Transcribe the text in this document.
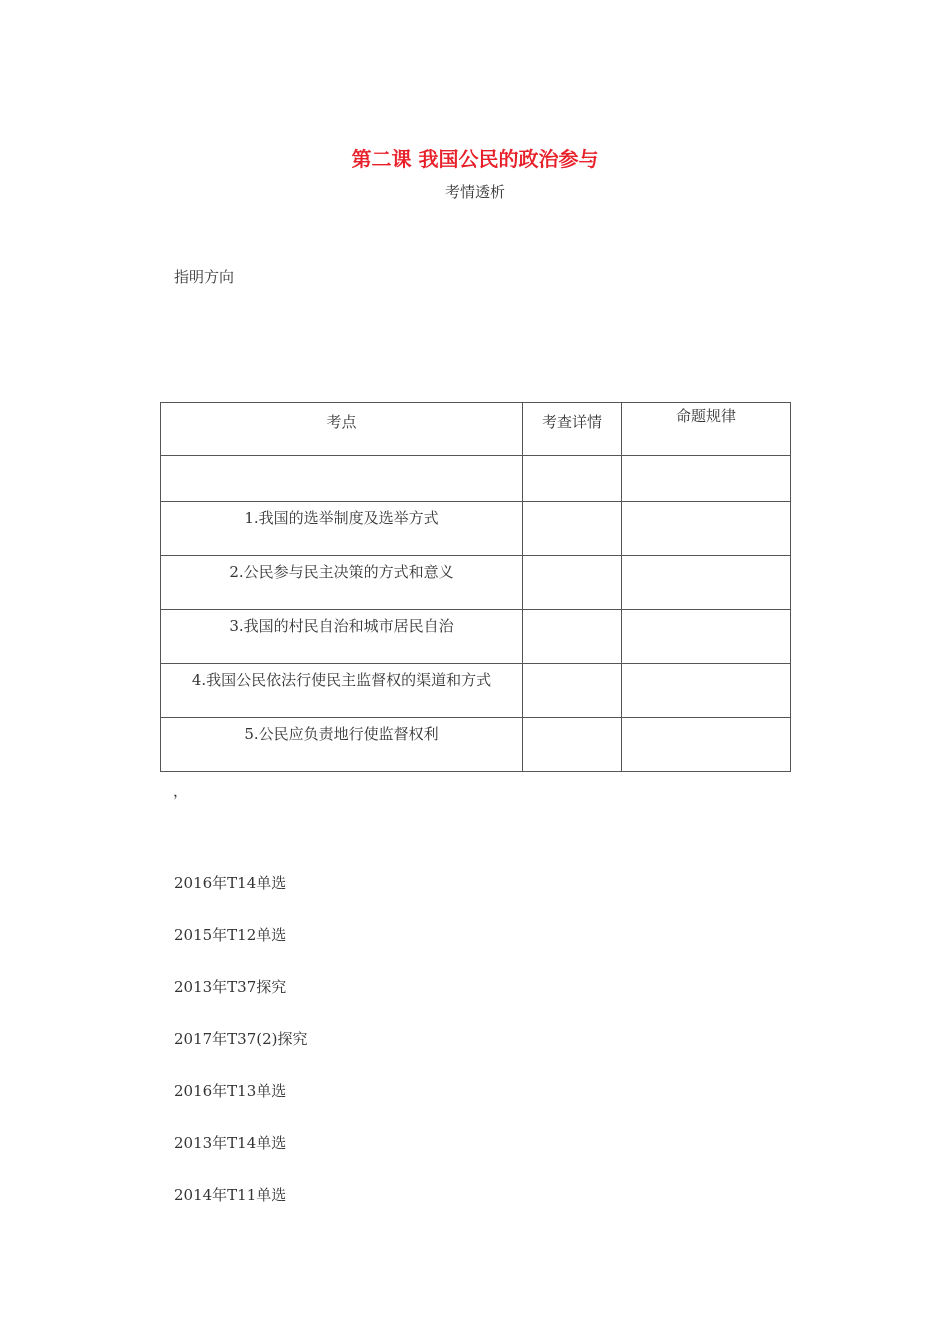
第二课 我国公民的政治参与
考情透析
指明方向
考点	考查详情	命题规律

1.我国的选举制度及选举方式		
2.公民参与民主决策的方式和意义		
3.我国的村民自治和城市居民自治		
4.我国公民依法行使民主监督权的渠道和方式		
5.公民应负责地行使监督权利		
，
2016年T14单选
2015年T12单选
2013年T37探究
2017年T37(2)探究
2016年T13单选
2013年T14单选
2014年T11单选
